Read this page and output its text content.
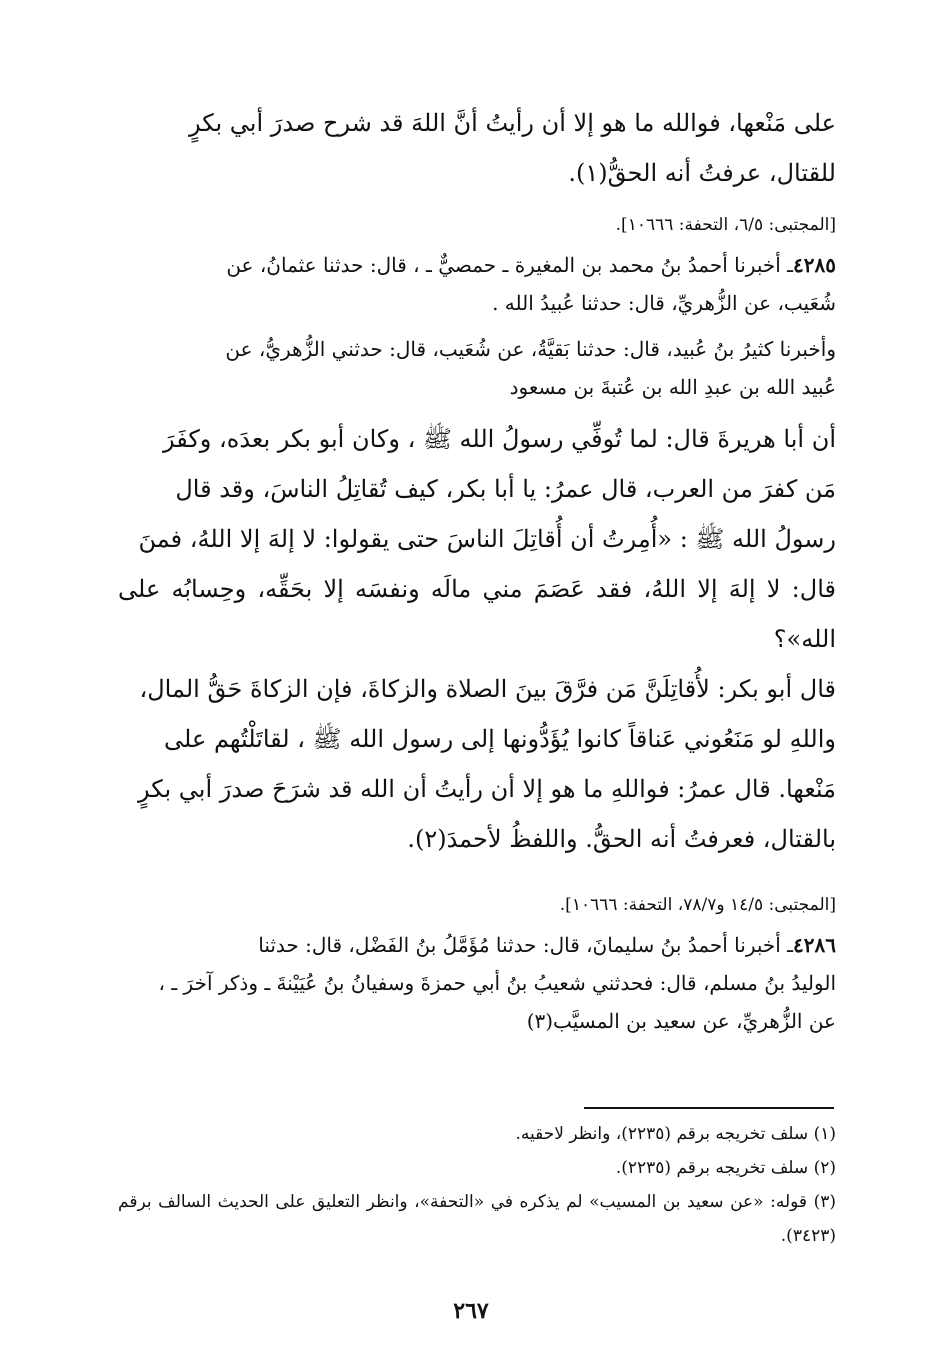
على مَنْعها، فوالله ما هو إلا أن رأيتُ أنَّ اللهَ قد شرح صدرَ أبي بكرٍ

للقتال، عرفتُ أنه الحقُّ(١).

[المجتبى: ٦/٥، التحفة: ١٠٦٦٦].

٤٢٨٥ـ أخبرنا أحمدُ بنُ محمد بن المغيرة ـ حمصيٌّ ـ ، قال: حدثنا عثمانُ، عن

شُعَيب، عن الزُّهريِّ، قال: حدثنا عُبيدُ الله .

وأخبرنا كثيرُ بنُ عُبيد، قال: حدثنا بَقيَّةُ، عن شُعَيب، قال: حدثني الزُّهريُّ، عن

عُبيد الله بن عبدِ الله بن عُتبةَ بن مسعود

أن أبا هريرةَ قال: لما تُوفِّي رسولُ الله ﷺ ، وكان أبو بكر بعدَه، وكفَرَ

مَن كفرَ من العرب، قال عمرُ: يا أبا بكر، كيف تُقاتِلُ الناسَ، وقد قال

رسولُ الله ﷺ : «أُمِرتُ أن أُقاتِلَ الناسَ حتى يقولوا: لا إلهَ إلا اللهُ، فمنَ

قال: لا إلهَ إلا اللهُ، فقد عَصَمَ مني مالَه ونفسَه إلا بحَقِّه، وحِسابُه على الله»؟

قال أبو بكر: لأُقاتِلَنَّ مَن فرَّقَ بينَ الصلاة والزكاةَ، فإن الزكاةَ حَقُّ المال،

واللهِ لو مَنَعُوني عَناقاً كانوا يُؤَدُّونها إلى رسول الله ﷺ ، لقاتَلْتُهم على

مَنْعها. قال عمرُ: فواللهِ ما هو إلا أن رأيتُ أن الله قد شرَحَ صدرَ أبي بكرٍ

بالقتال، فعرفتُ أنه الحقُّ. واللفظُ لأحمدَ(٢).

[المجتبى: ١٤/٥ و٧٨/٧، التحفة: ١٠٦٦٦].

٤٢٨٦ـ أخبرنا أحمدُ بنُ سليمانَ، قال: حدثنا مُؤَمَّلُ بنُ الفَضْل، قال: حدثنا

الوليدُ بنُ مسلم، قال: فحدثني شعيبُ بنُ أبي حمزةَ وسفيانُ بنُ عُيَيْنةَ ـ وذكر آخرَ ـ ،

عن الزُّهريِّ، عن سعيد بن المسيَّب(٣)

(١) سلف تخريجه برقم (٢٢٣٥)، وانظر لاحقيه.

(٢) سلف تخريجه برقم (٢٢٣٥).

(٣) قوله: «عن سعيد بن المسيب» لم يذكره في «التحفة»، وانظر التعليق على الحديث السالف برقم (٣٤٢٣).

٢٦٧
